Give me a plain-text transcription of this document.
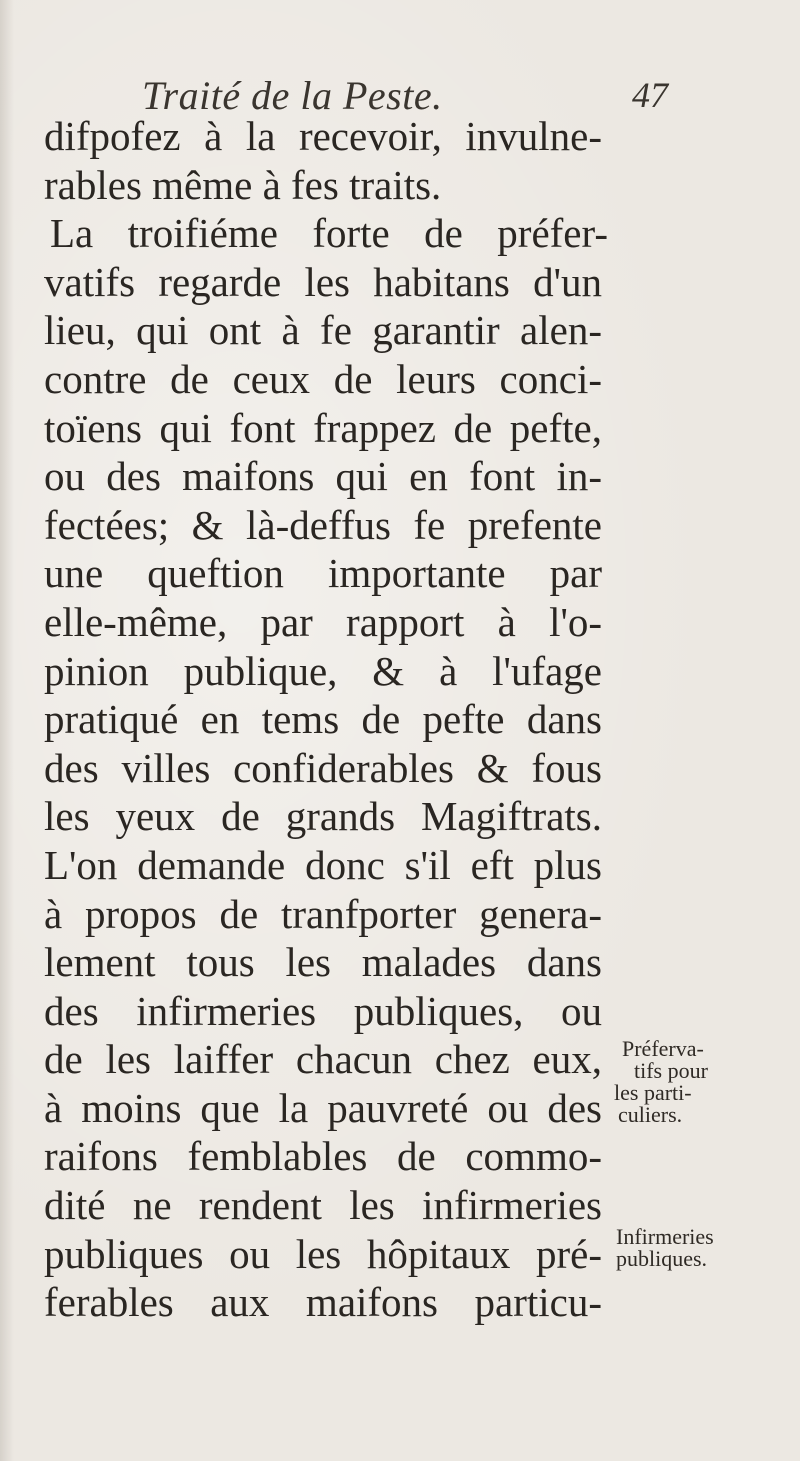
Traité de la Peste.	47
difpofez à la recevoir, invulne-
rables même à fes traits.
La troifiéme forte de préfer-
vatifs regarde les habitans d'un
lieu, qui ont à fe garantir alen-
contre de ceux de leurs conci-
toïens qui font frappez de pefte,
ou des maifons qui en font in-
fectées; & là-deffus fe prefente
une queftion importante par
elle-même, par rapport à l'o-
pinion publique, & à l'ufage
pratiqué en tems de pefte dans
des villes confiderables & fous
les yeux de grands Magiftrats.
L'on demande donc s'il eft plus
à propos de tranfporter genera-
lement tous les malades dans
des infirmeries publiques, ou
de les laiffer chacun chez eux,
à moins que la pauvreté ou des
raifons femblables de commo-
dité ne rendent les infirmeries
publiques ou les hôpitaux pré-
ferables aux maifons particu-
Préferva-
tifs pour
les parti-
culiers.
Infirmeries
publiques.
